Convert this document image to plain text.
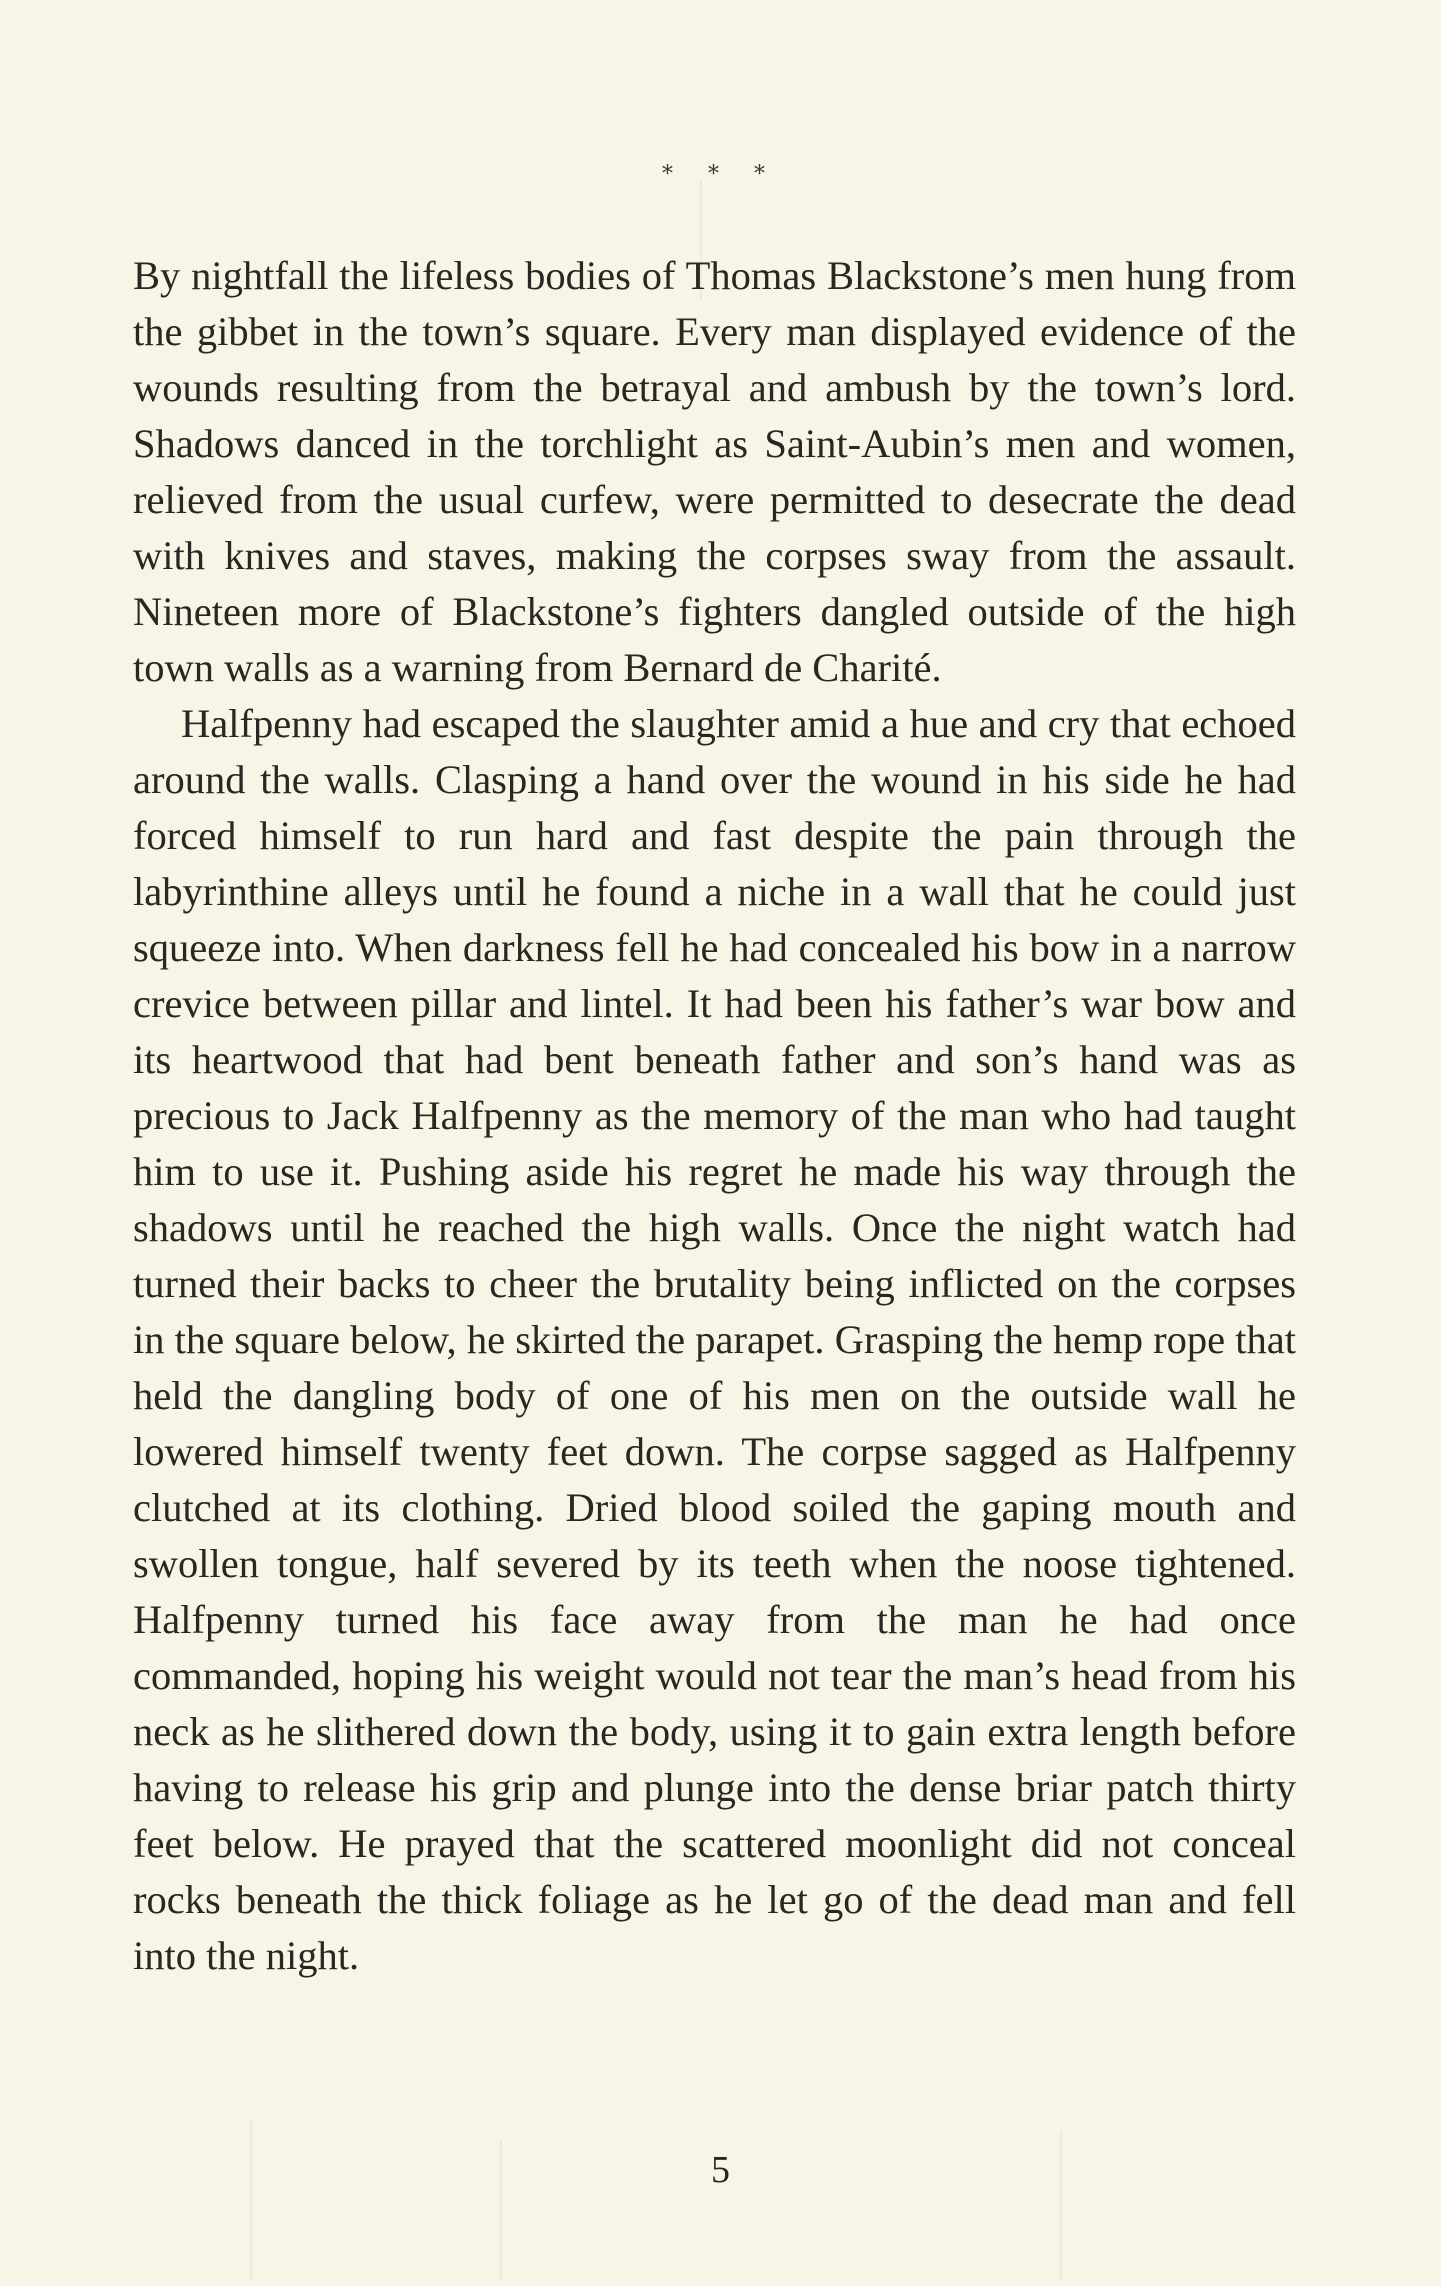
* * *

By nightfall the lifeless bodies of Thomas Blackstone’s men hung from the gibbet in the town’s square. Every man displayed evidence of the wounds resulting from the betrayal and ambush by the town’s lord. Shadows danced in the torchlight as Saint-Aubin’s men and women, relieved from the usual curfew, were permitted to desecrate the dead with knives and staves, making the corpses sway from the assault. Nineteen more of Blackstone’s fighters dangled outside of the high town walls as a warning from Bernard de Charité.

Halfpenny had escaped the slaughter amid a hue and cry that echoed around the walls. Clasping a hand over the wound in his side he had forced himself to run hard and fast despite the pain through the labyrinthine alleys until he found a niche in a wall that he could just squeeze into. When darkness fell he had concealed his bow in a narrow crevice between pillar and lintel. It had been his father’s war bow and its heartwood that had bent beneath father and son’s hand was as precious to Jack Halfpenny as the memory of the man who had taught him to use it. Pushing aside his regret he made his way through the shadows until he reached the high walls. Once the night watch had turned their backs to cheer the brutality being inflicted on the corpses in the square below, he skirted the parapet. Grasping the hemp rope that held the dangling body of one of his men on the outside wall he lowered himself twenty feet down. The corpse sagged as Halfpenny clutched at its clothing. Dried blood soiled the gaping mouth and swollen tongue, half severed by its teeth when the noose tightened. Halfpenny turned his face away from the man he had once commanded, hoping his weight would not tear the man’s head from his neck as he slithered down the body, using it to gain extra length before having to release his grip and plunge into the dense briar patch thirty feet below. He prayed that the scattered moonlight did not conceal rocks beneath the thick foliage as he let go of the dead man and fell into the night.

5
